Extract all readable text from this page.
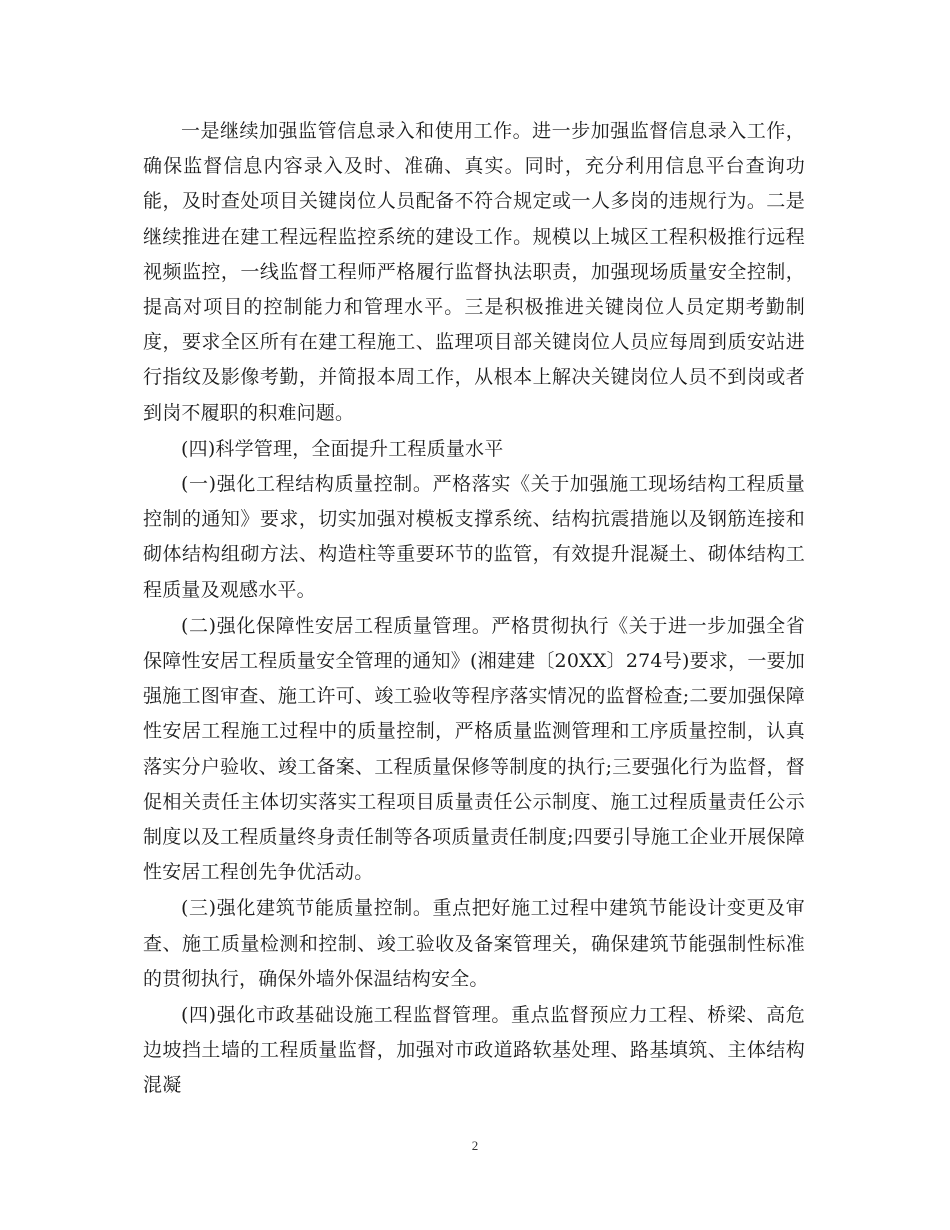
一是继续加强监管信息录入和使用工作。进一步加强监督信息录入工作，确保监督信息内容录入及时、准确、真实。同时，充分利用信息平台查询功能，及时查处项目关键岗位人员配备不符合规定或一人多岗的违规行为。二是继续推进在建工程远程监控系统的建设工作。规模以上城区工程积极推行远程视频监控，一线监督工程师严格履行监督执法职责，加强现场质量安全控制，提高对项目的控制能力和管理水平。三是积极推进关键岗位人员定期考勤制度，要求全区所有在建工程施工、监理项目部关键岗位人员应每周到质安站进行指纹及影像考勤，并简报本周工作，从根本上解决关键岗位人员不到岗或者到岗不履职的积难问题。

(四)科学管理，全面提升工程质量水平

(一)强化工程结构质量控制。严格落实《关于加强施工现场结构工程质量控制的通知》要求，切实加强对模板支撑系统、结构抗震措施以及钢筋连接和砌体结构组砌方法、构造柱等重要环节的监管，有效提升混凝土、砌体结构工程质量及观感水平。

(二)强化保障性安居工程质量管理。严格贯彻执行《关于进一步加强全省保障性安居工程质量安全管理的通知》(湘建建〔20XX〕274号)要求，一要加强施工图审查、施工许可、竣工验收等程序落实情况的监督检查;二要加强保障性安居工程施工过程中的质量控制，严格质量监测管理和工序质量控制，认真落实分户验收、竣工备案、工程质量保修等制度的执行;三要强化行为监督，督促相关责任主体切实落实工程项目质量责任公示制度、施工过程质量责任公示制度以及工程质量终身责任制等各项质量责任制度;四要引导施工企业开展保障性安居工程创先争优活动。

(三)强化建筑节能质量控制。重点把好施工过程中建筑节能设计变更及审查、施工质量检测和控制、竣工验收及备案管理关，确保建筑节能强制性标准的贯彻执行，确保外墙外保温结构安全。

(四)强化市政基础设施工程监督管理。重点监督预应力工程、桥梁、高危边坡挡土墙的工程质量监督，加强对市政道路软基处理、路基填筑、主体结构混凝

2
